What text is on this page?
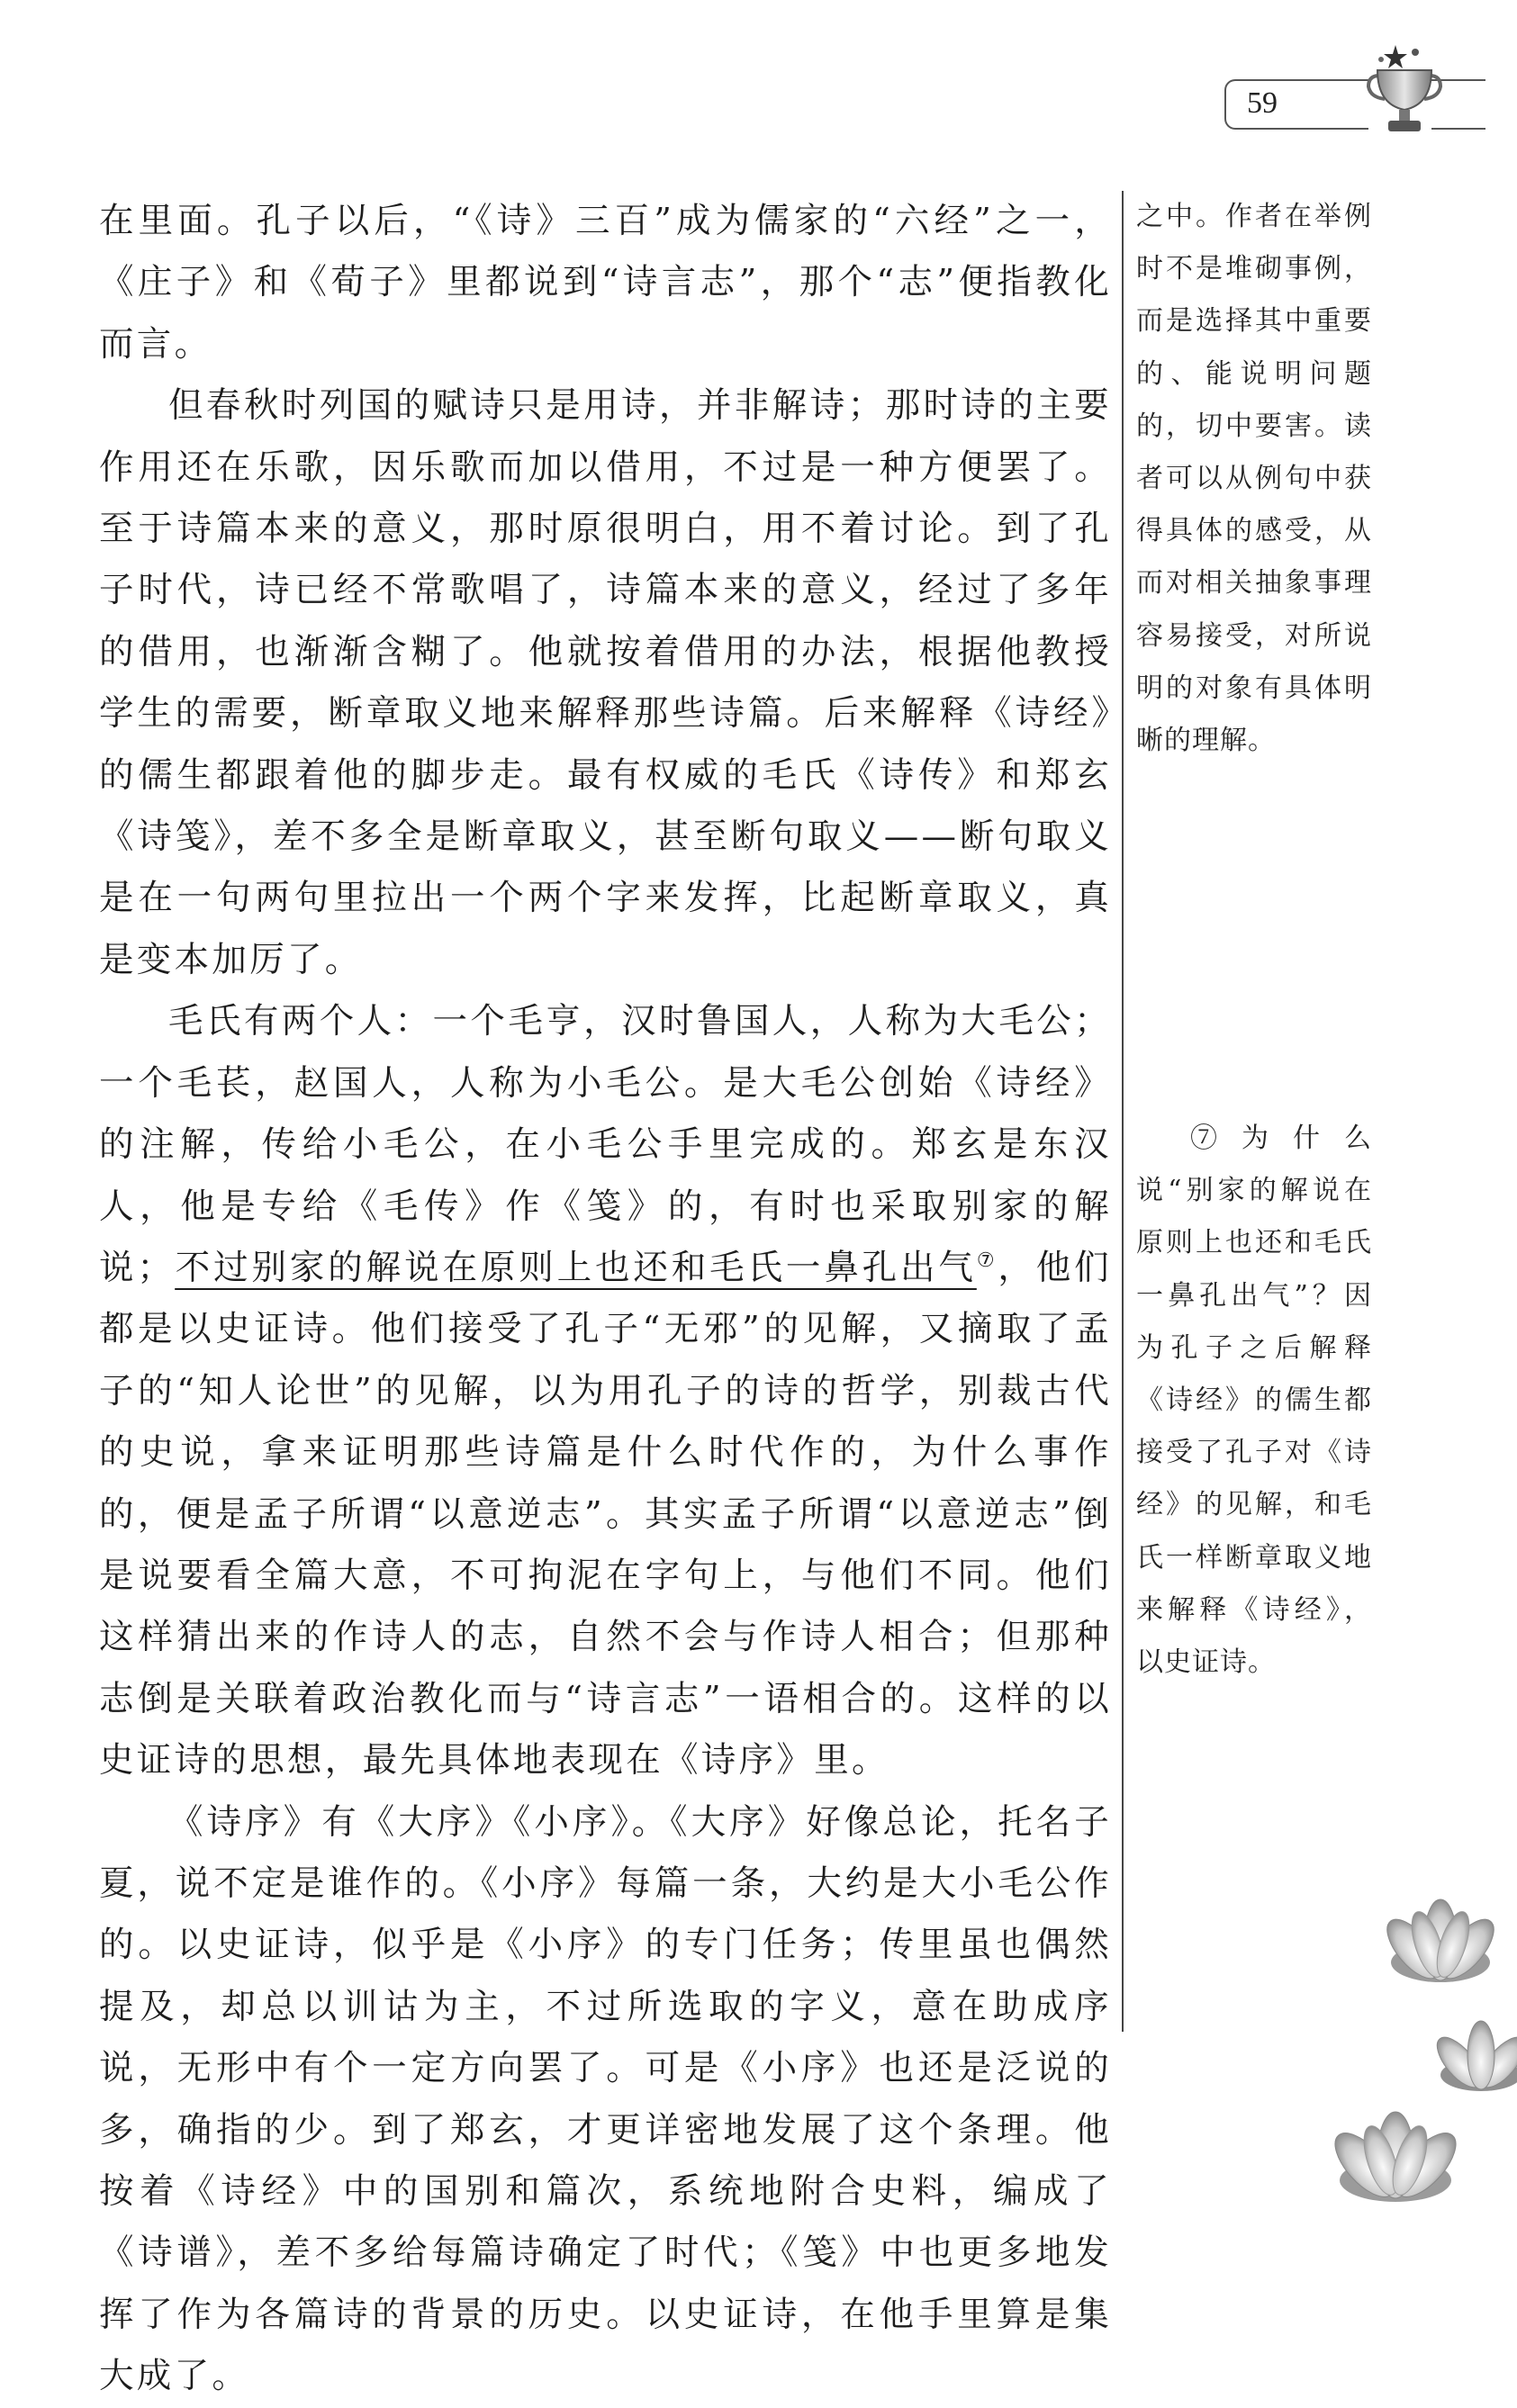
59

在里面。孔子以后，“《诗》三百”成为儒家的“六经”之一，《庄子》和《荀子》里都说到“诗言志”，那个“志”便指教化而言。

但春秋时列国的赋诗只是用诗，并非解诗；那时诗的主要作用还在乐歌，因乐歌而加以借用，不过是一种方便罢了。至于诗篇本来的意义，那时原很明白，用不着讨论。到了孔子时代，诗已经不常歌唱了，诗篇本来的意义，经过了多年的借用，也渐渐含糊了。他就按着借用的办法，根据他教授学生的需要，断章取义地来解释那些诗篇。后来解释《诗经》的儒生都跟着他的脚步走。最有权威的毛氏《诗传》和郑玄《诗笺》，差不多全是断章取义，甚至断句取义——断句取义是在一句两句里拉出一个两个字来发挥，比起断章取义，真是变本加厉了。

毛氏有两个人：一个毛亨，汉时鲁国人，人称为大毛公；一个毛苌，赵国人，人称为小毛公。是大毛公创始《诗经》的注解，传给小毛公，在小毛公手里完成的。郑玄是东汉人，他是专给《毛传》作《笺》的，有时也采取别家的解说；不过别家的解说在原则上也还和毛氏一鼻孔出气⑦，他们都是以史证诗。他们接受了孔子“无邪”的见解，又摘取了孟子的“知人论世”的见解，以为用孔子的诗的哲学，别裁古代的史说，拿来证明那些诗篇是什么时代作的，为什么事作的，便是孟子所谓“以意逆志”。其实孟子所谓“以意逆志”倒是说要看全篇大意，不可拘泥在字句上，与他们不同。他们这样猜出来的作诗人的志，自然不会与作诗人相合；但那种志倒是关联着政治教化而与“诗言志”一语相合的。这样的以史证诗的思想，最先具体地表现在《诗序》里。

《诗序》有《大序》《小序》。《大序》好像总论，托名子夏，说不定是谁作的。《小序》每篇一条，大约是大小毛公作的。以史证诗，似乎是《小序》的专门任务；传里虽也偶然提及，却总以训诂为主，不过所选取的字义，意在助成序说，无形中有个一定方向罢了。可是《小序》也还是泛说的多，确指的少。到了郑玄，才更详密地发展了这个条理。他按着《诗经》中的国别和篇次，系统地附合史料，编成了《诗谱》，差不多给每篇诗确定了时代；《笺》中也更多地发挥了作为各篇诗的背景的历史。以史证诗，在他手里算是集大成了。

之中。作者在举例时不是堆砌事例，而是选择其中重要的、能说明问题的，切中要害。读者可以从例句中获得具体的感受，从而对相关抽象事理容易接受，对所说明的对象有具体明晰的理解。

⑦为什么说“别家的解说在原则上也还和毛氏一鼻孔出气”？因为孔子之后解释《诗经》的儒生都接受了孔子对《诗经》的见解，和毛氏一样断章取义地来解释《诗经》，以史证诗。
